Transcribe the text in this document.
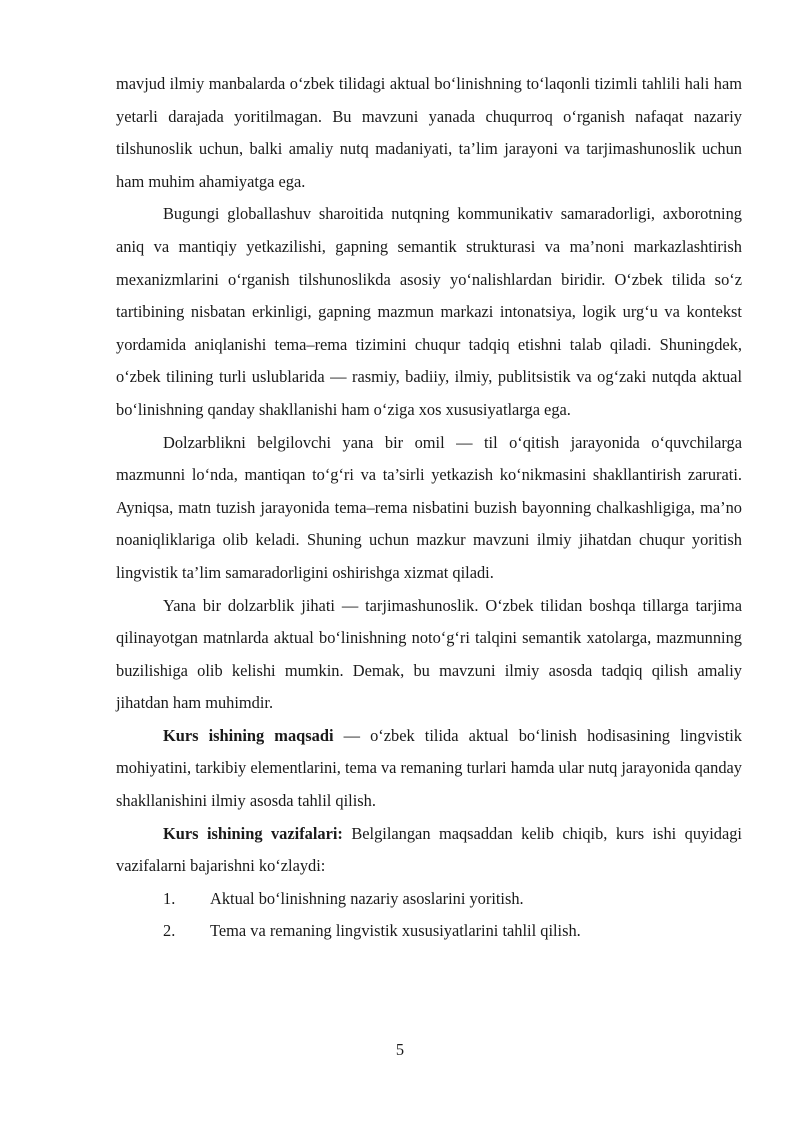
mavjud ilmiy manbalarda o‘zbek tilidagi aktual bo‘linishning to‘laqonli tizimli tahlili hali ham yetarli darajada yoritilmagan. Bu mavzuni yanada chuqurroq o‘rganish nafaqat nazariy tilshunoslik uchun, balki amaliy nutq madaniyati, ta’lim jarayoni va tarjimashunoslik uchun ham muhim ahamiyatga ega.

Bugungi globallashuv sharoitida nutqning kommunikativ samaradorligi, axborotning aniq va mantiqiy yetkazilishi, gapning semantik strukturasi va ma’noni markazlashtirish mexanizmlarini o‘rganish tilshunoslikda asosiy yo‘nalishlardan biridir. O‘zbek tilida so‘z tartibining nisbatan erkinligi, gapning mazmun markazi intonatsiya, logik urg‘u va kontekst yordamida aniqlanishi tema–rema tizimini chuqur tadqiq etishni talab qiladi. Shuningdek, o‘zbek tilining turli uslublarida — rasmiy, badiiy, ilmiy, publitsistik va og‘zaki nutqda aktual bo‘linishning qanday shakllanishi ham o‘ziga xos xususiyatlarga ega.

Dolzarblikni belgilovchi yana bir omil — til o‘qitish jarayonida o‘quvchilarga mazmunni lo‘nda, mantiqan to‘g‘ri va ta’sirli yetkazish ko‘nikmasini shakllantirish zarurati. Ayniqsa, matn tuzish jarayonida tema–rema nisbatini buzish bayonning chalkashligiga, ma’no noaniqliklariga olib keladi. Shuning uchun mazkur mavzuni ilmiy jihatdan chuqur yoritish lingvistik ta’lim samaradorligini oshirishga xizmat qiladi.

Yana bir dolzarblik jihati — tarjimashunoslik. O‘zbek tilidan boshqa tillarga tarjima qilinayotgan matnlarda aktual bo‘linishning noto‘g‘ri talqini semantik xatolarga, mazmunning buzilishiga olib kelishi mumkin. Demak, bu mavzuni ilmiy asosda tadqiq qilish amaliy jihatdan ham muhimdir.

Kurs ishining maqsadi — o‘zbek tilida aktual bo‘linish hodisasining lingvistik mohiyatini, tarkibiy elementlarini, tema va remaning turlari hamda ular nutq jarayonida qanday shakllanishini ilmiy asosda tahlil qilish.

Kurs ishining vazifalari: Belgilangan maqsaddan kelib chiqib, kurs ishi quyidagi vazifalarni bajarishni ko‘zlaydi:

1.	Aktual bo‘linishning nazariy asoslarini yoritish.
2.	Tema va remaning lingvistik xususiyatlarini tahlil qilish.
5
